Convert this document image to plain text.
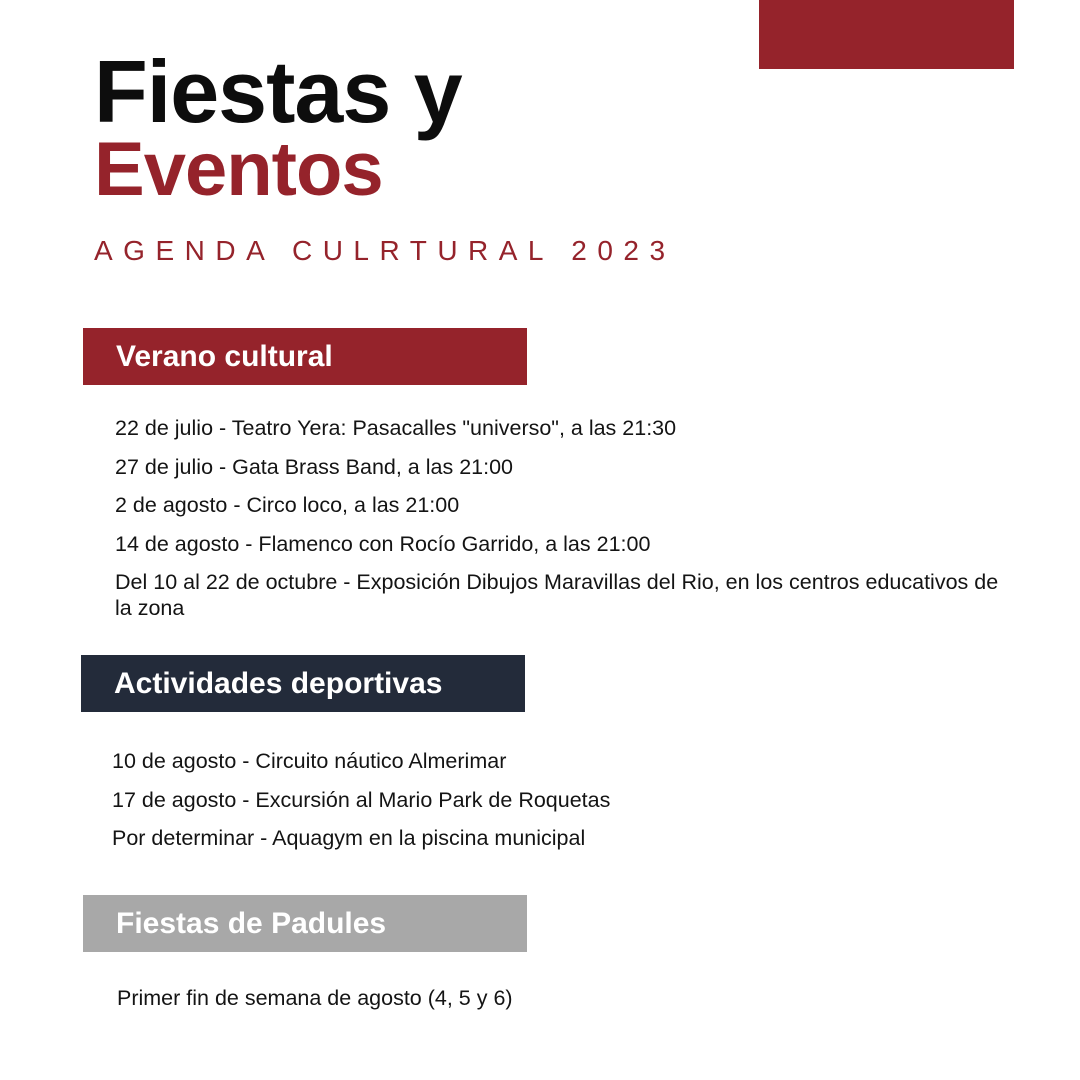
Fiestas y
Eventos
AGENDA CULRTURAL 2023
Verano cultural
22 de julio - Teatro Yera: Pasacalles "universo", a las 21:30
27 de julio - Gata Brass Band, a las 21:00
2 de agosto - Circo loco, a las 21:00
14 de agosto - Flamenco con Rocío Garrido, a las 21:00
Del 10 al 22 de octubre - Exposición Dibujos Maravillas del Rio, en los centros educativos de la zona
Actividades deportivas
10 de agosto - Circuito náutico Almerimar
17 de agosto - Excursión al Mario Park de Roquetas
Por determinar - Aquagym en la piscina municipal
Fiestas de Padules
Primer fin de semana de agosto (4, 5 y 6)
